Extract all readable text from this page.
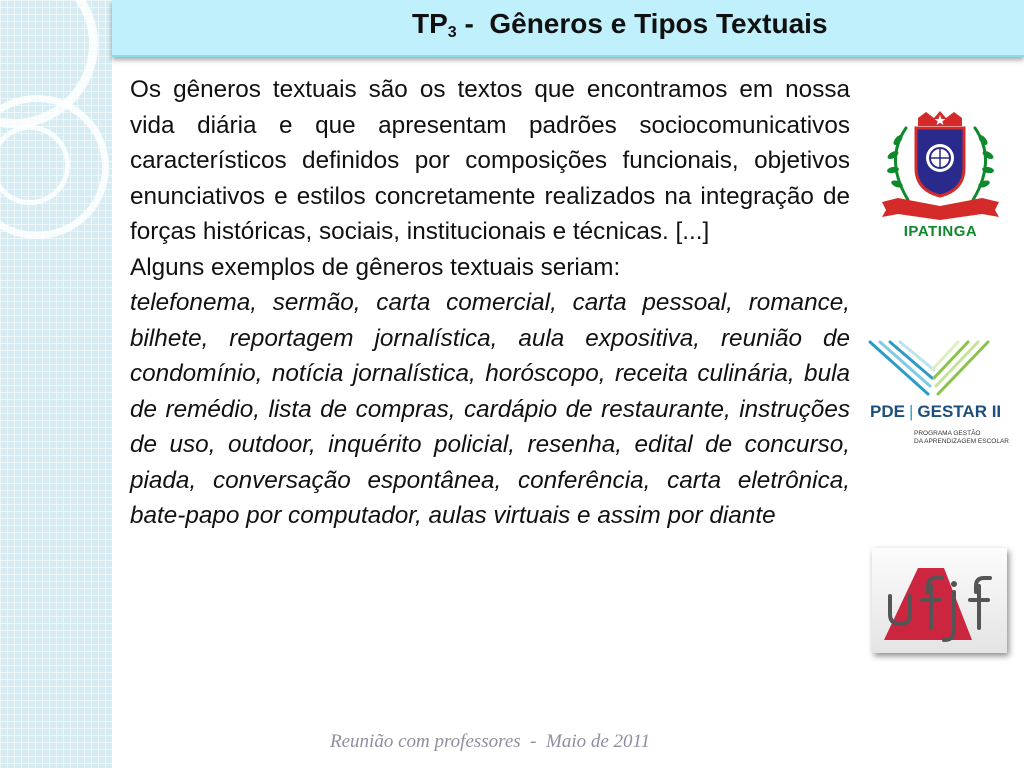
$TP_3$ -  Gêneros e Tipos Textuais
Os gêneros textuais são os textos que encontramos em nossa vida diária e que apresentam padrões sociocomunicativos característicos definidos por composições funcionais, objetivos enunciativos e estilos concretamente realizados na integração de forças históricas, sociais, institucionais e técnicas. [...]
Alguns exemplos de gêneros textuais seriam:
telefonema, sermão, carta comercial, carta pessoal, romance, bilhete, reportagem jornalística, aula expositiva, reunião de condomínio, notícia jornalística, horóscopo, receita culinária, bula de remédio, lista de compras, cardápio de restaurante, instruções de uso, outdoor, inquérito policial, resenha, edital de concurso, piada, conversação espontânea, conferência, carta eletrônica, bate-papo por computador, aulas virtuais e assim por diante
Reunião com professores  -  Maio de 2011
IPATINGA
PDE | GESTAR II
PROGRAMA GESTÃO
DA APRENDIZAGEM ESCOLAR
